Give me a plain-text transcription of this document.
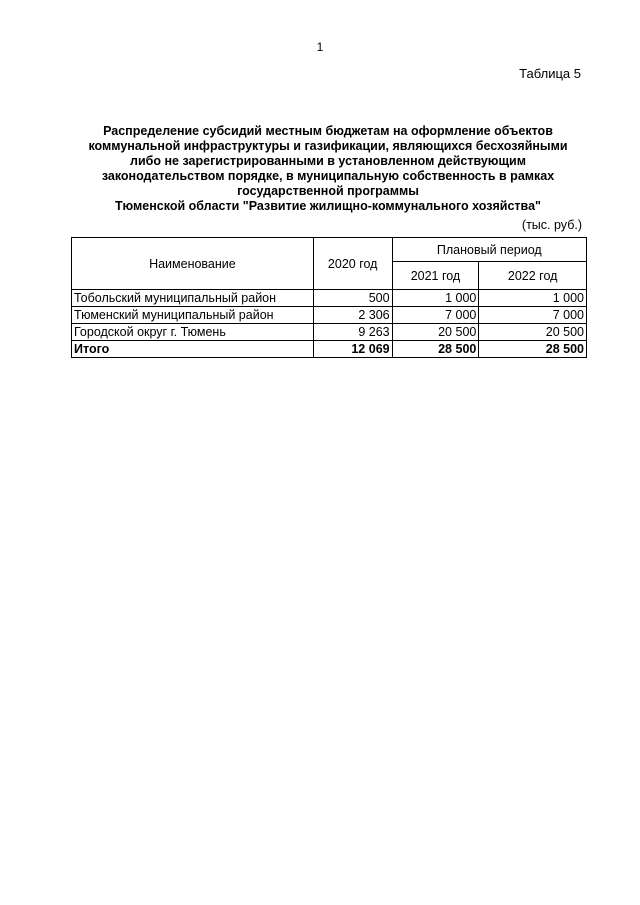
1
Таблица 5
Распределение субсидий местным бюджетам на оформление объектов
коммунальной инфраструктуры и газификации, являющихся бесхозяйными
либо не зарегистрированными в установленном действующим
законодательством порядке, в муниципальную собственность в рамках
государственной программы
Тюменской области "Развитие жилищно-коммунального хозяйства"
(тыс. руб.)
Наименование	2020 год	Плановый период	
		2021 год	2022 год
Тобольский муниципальный район	500	1 000	1 000
Тюменский муниципальный район	2 306	7 000	7 000
Городской округ г. Тюмень	9 263	20 500	20 500
Итого	12 069	28 500	28 500
